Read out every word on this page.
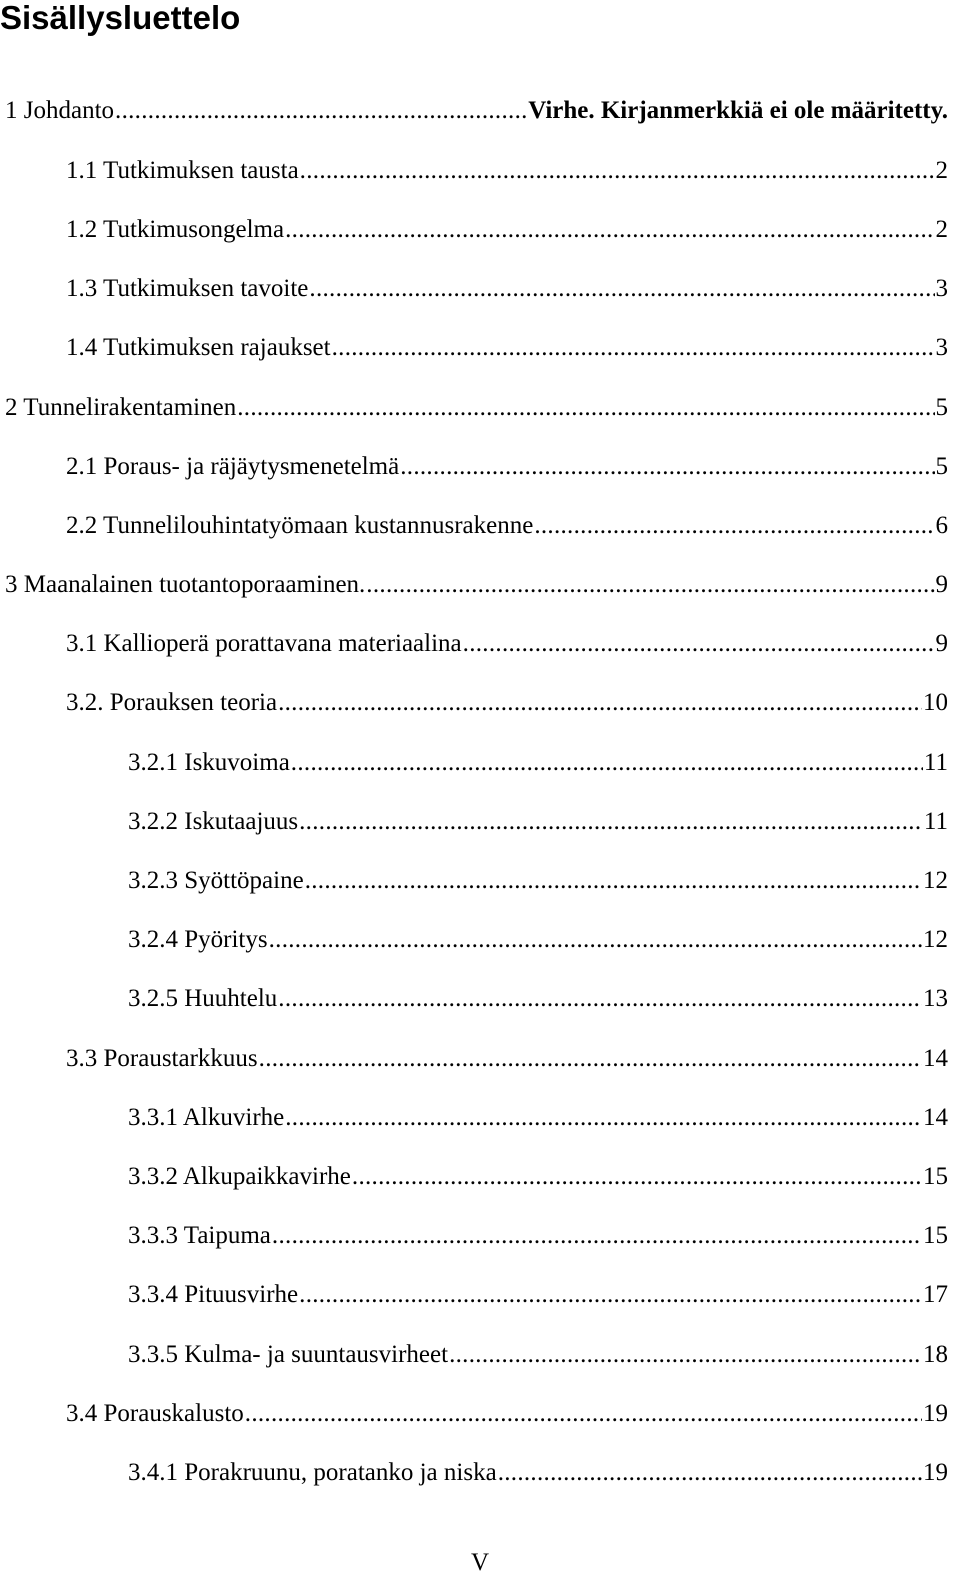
Sisällysluettelo
1 Johdanto .....	Virhe. Kirjanmerkkiä ei ole määritetty.
1.1 Tutkimuksen tausta .....	2
1.2 Tutkimusongelma .....	2
1.3 Tutkimuksen tavoite .....	3
1.4 Tutkimuksen rajaukset .....	3
2 Tunnelirakentaminen .....	5
2.1 Poraus- ja räjäytysmenetelmä .....	5
2.2 Tunnelilouhintatyömaan kustannusrakenne .....	6
3 Maanalainen tuotantoporaaminen. .....	9
3.1 Kallioperä porattavana materiaalina .....	9
3.2. Porauksen teoria .....	10
3.2.1 Iskuvoima .....	11
3.2.2 Iskutaajuus .....	11
3.2.3 Syöttöpaine .....	12
3.2.4 Pyöritys .....	12
3.2.5 Huuhtelu .....	13
3.3 Poraustarkkuus .....	14
3.3.1 Alkuvirhe .....	14
3.3.2 Alkupaikkavirhe .....	15
3.3.3 Taipuma .....	15
3.3.4 Pituusvirhe .....	17
3.3.5 Kulma- ja suuntausvirheet .....	18
3.4 Porauskalusto .....	19
3.4.1 Porakruunu, poratanko ja niska .....	19
V
